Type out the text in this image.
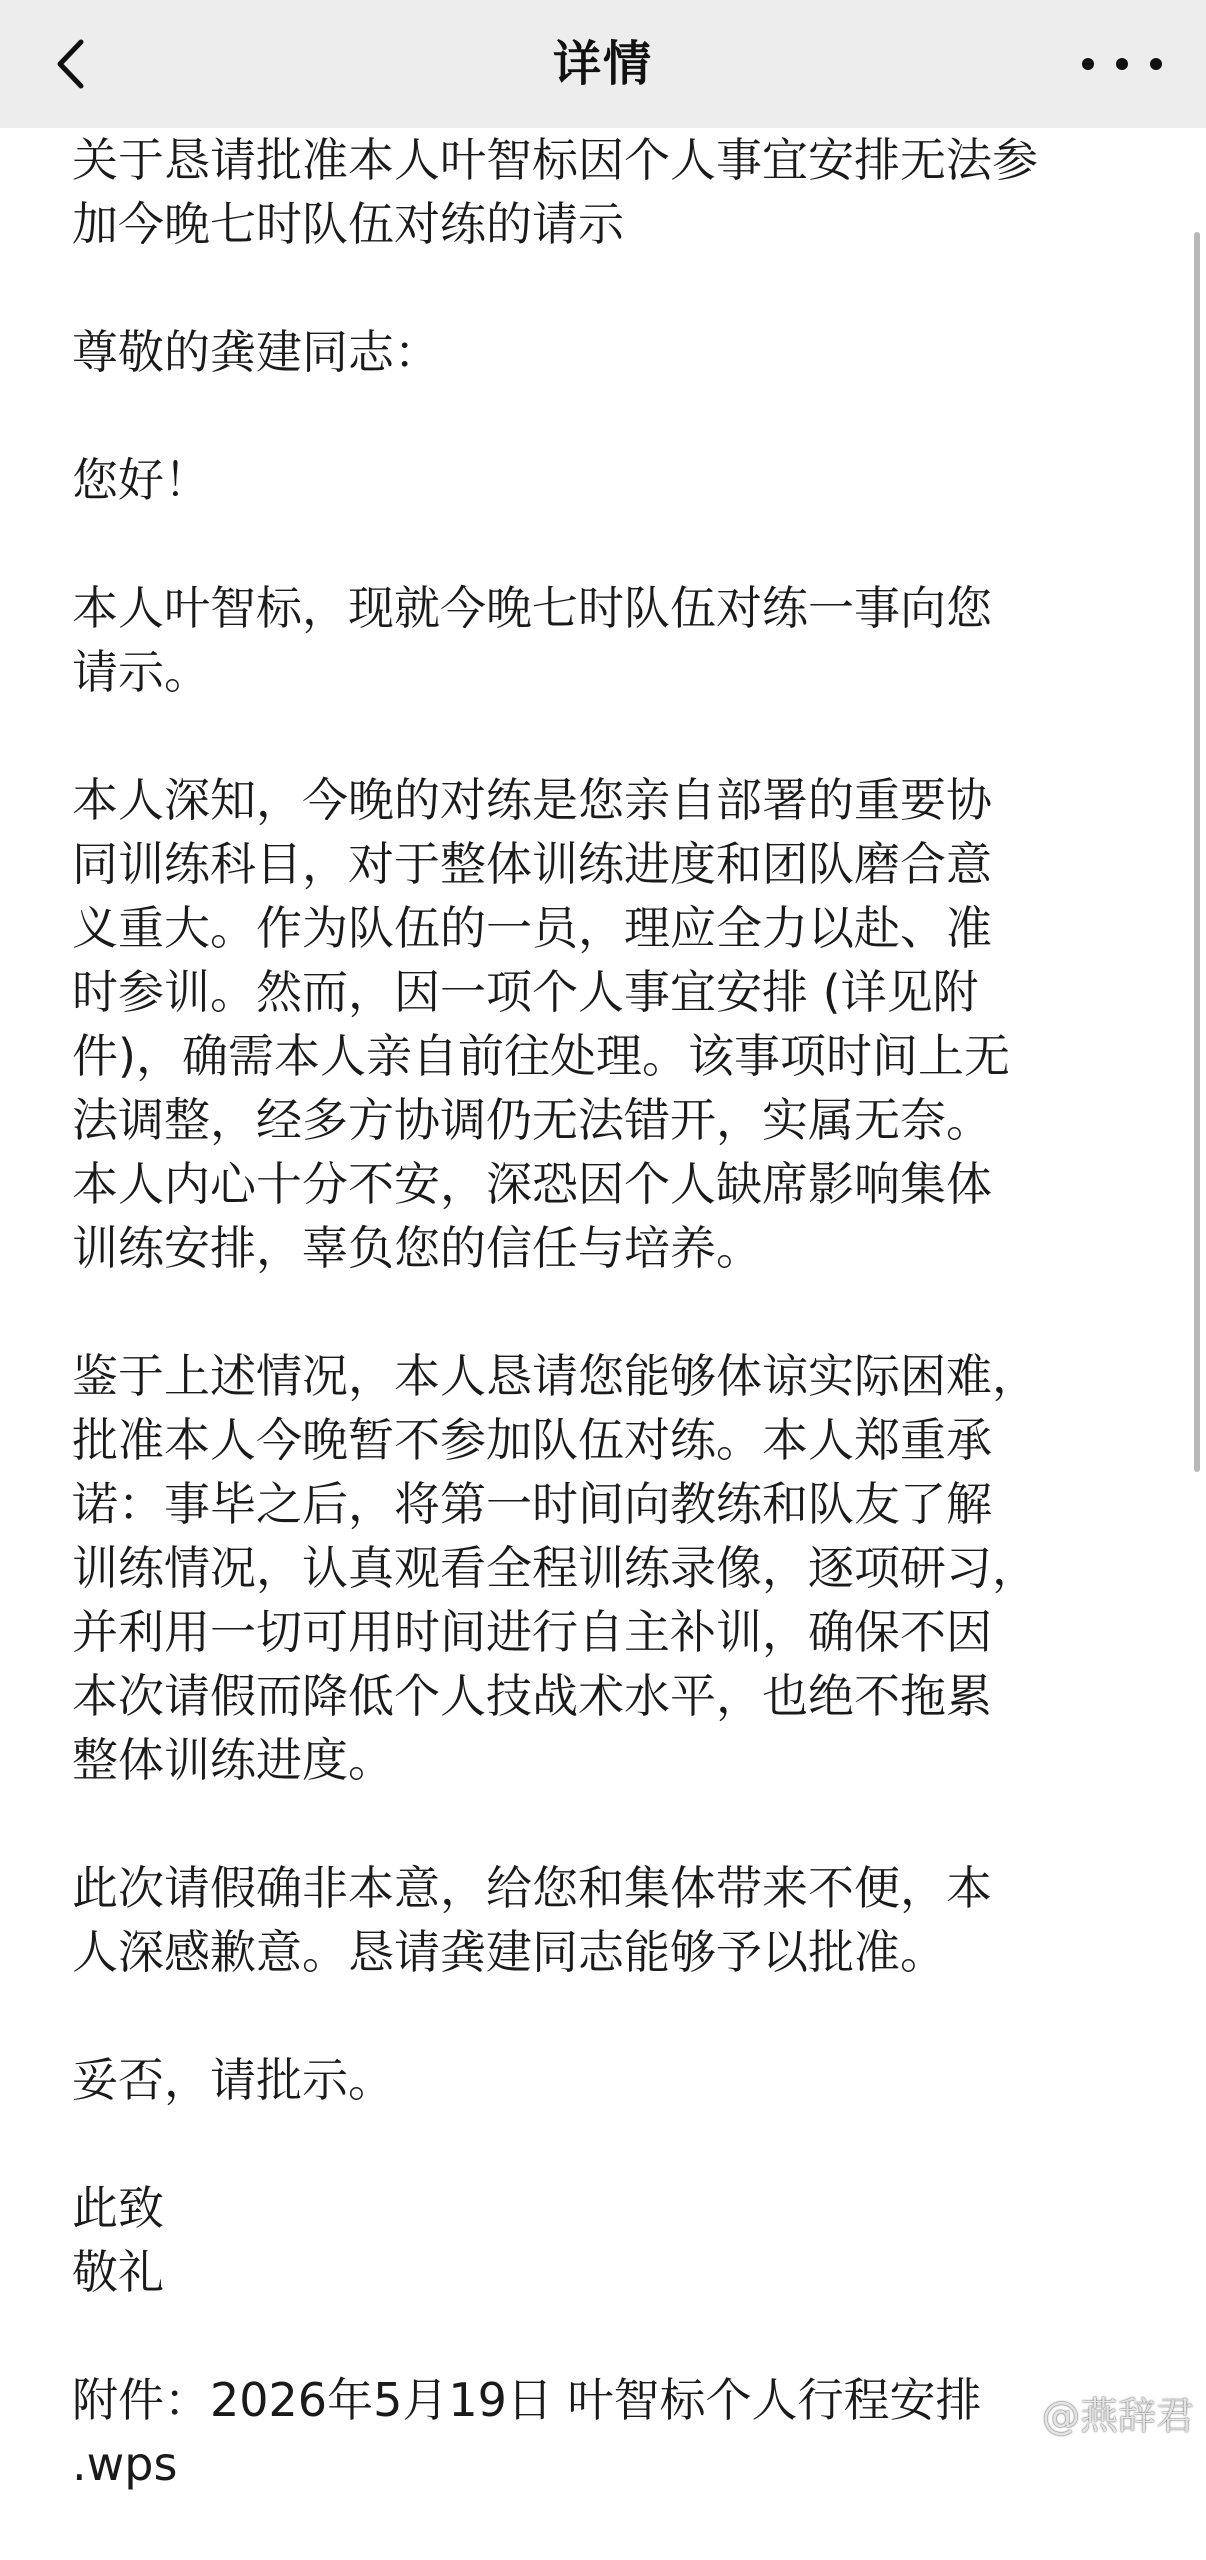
详情
关于恳请批准本人叶智标因个人事宜安排无法参
加今晚七时队伍对练的请示
尊敬的龚建同志：
您好！
本人叶智标，现就今晚七时队伍对练一事向您
请示。
本人深知，今晚的对练是您亲自部署的重要协
同训练科目，对于整体训练进度和团队磨合意
义重大。作为队伍的一员，理应全力以赴、准
时参训。然而，因一项个人事宜安排 (详见附
件)，确需本人亲自前往处理。该事项时间上无
法调整，经多方协调仍无法错开，实属无奈。
本人内心十分不安，深恐因个人缺席影响集体
训练安排，辜负您的信任与培养。
鉴于上述情况，本人恳请您能够体谅实际困难，
批准本人今晚暂不参加队伍对练。本人郑重承
诺：事毕之后，将第一时间向教练和队友了解
训练情况，认真观看全程训练录像，逐项研习，
并利用一切可用时间进行自主补训，确保不因
本次请假而降低个人技战术水平，也绝不拖累
整体训练进度。
此次请假确非本意，给您和集体带来不便，本
人深感歉意。恳请龚建同志能够予以批准。
妥否，请批示。
此致
敬礼
附件：2026年5月19日 叶智标个人行程安排
.wps
@燕辞君
